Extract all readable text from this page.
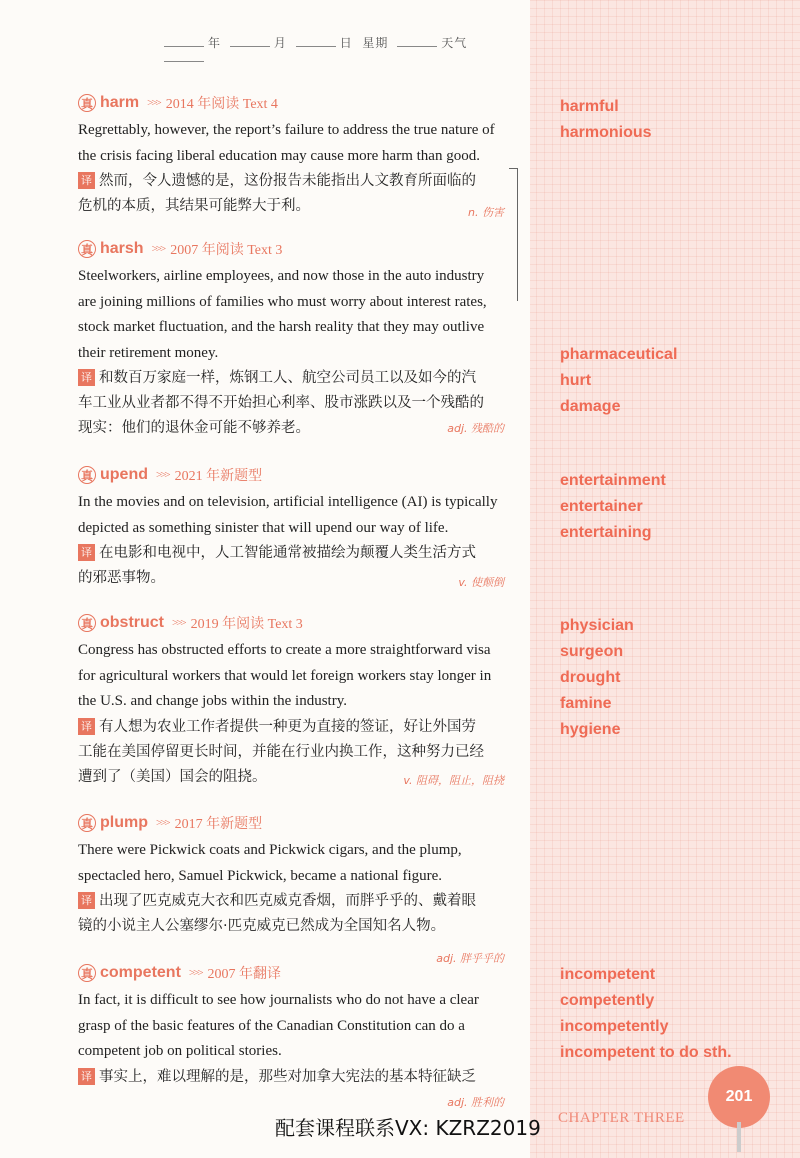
年	月	日 星期	天气
真 harm >>> 2014 年阅读 Text 4
Regrettably, however, the report’s failure to address the true nature of
the crisis facing liberal education may cause more harm than good.
译 然而，令人遗憾的是，这份报告未能指出人文教育所面临的
危机的本质，其结果可能弊大于利。	n. 伤害
真 harsh >>> 2007 年阅读 Text 3
Steelworkers, airline employees, and now those in the auto industry
are joining millions of families who must worry about interest rates,
stock market fluctuation, and the harsh reality that they may outlive
their retirement money.
译 和数百万家庭一样，炼钢工人、航空公司员工以及如今的汽
车工业从业者都不得不开始担心利率、股市涨跌以及一个残酷的
现实：他们的退休金可能不够养老。	adj. 残酷的
真 upend >>> 2021 年新题型
In the movies and on television, artificial intelligence (AI) is typically
depicted as something sinister that will upend our way of life.
译 在电影和电视中，人工智能通常被描绘为颠覆人类生活方式
的邪恶事物。	v. 使颠倒
真 obstruct >>> 2019 年阅读 Text 3
Congress has obstructed efforts to create a more straightforward visa
for agricultural workers that would let foreign workers stay longer in
the U.S. and change jobs within the industry.
译 有人想为农业工作者提供一种更为直接的签证，好让外国劳
工能在美国停留更长时间，并能在行业内换工作，这种努力已经
遭到了（美国）国会的阻挠。	v. 阻碍，阻止，阻挠
真 plump >>> 2017 年新题型
There were Pickwick coats and Pickwick cigars, and the plump,
spectacled hero, Samuel Pickwick, became a national figure.
译 出现了匹克威克大衣和匹克威克香烟，而胖乎乎的、戴着眼
镜的小说主人公塞缪尔·匹克威克已然成为全国知名人物。
adj. 胖乎乎的
真 competent >>> 2007 年翻译
In fact, it is difficult to see how journalists who do not have a clear
grasp of the basic features of the Canadian Constitution can do a
competent job on political stories.
译 事实上，难以理解的是，那些对加拿大宪法的基本特征缺乏
adj. 胜利的
harmful
harmonious
pharmaceutical
hurt
damage
entertainment
entertainer
entertaining
physician
surgeon
drought
famine
hygiene
incompetent
competently
incompetently
incompetent to do sth.
配套课程联系VX: KZRZ2019 CHAPTER THREE
201
